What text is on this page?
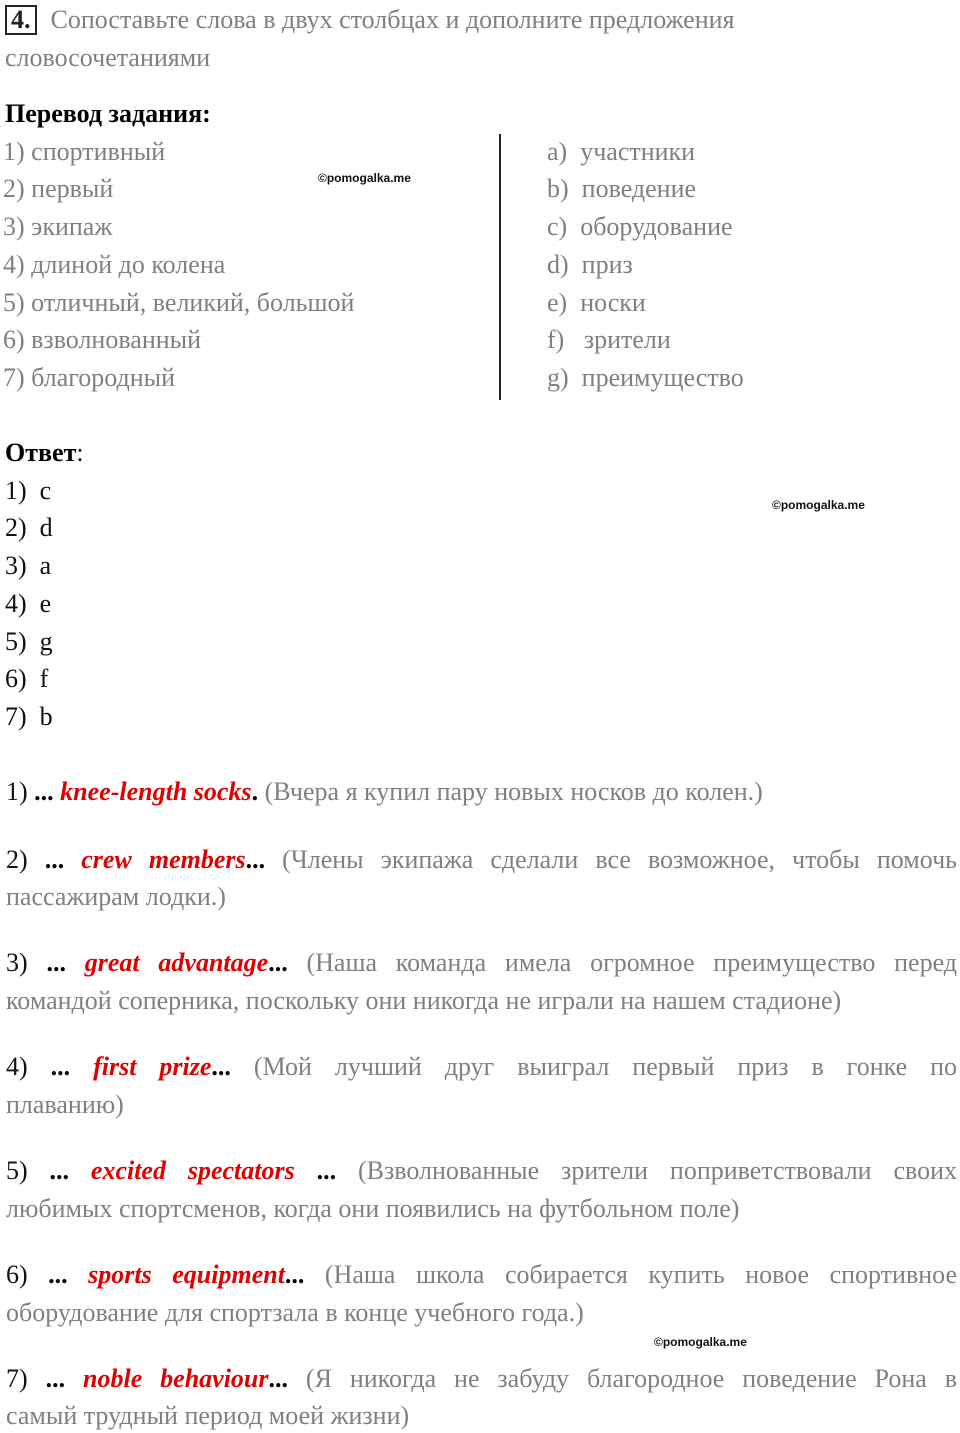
4. Сопоставьте слова в двух столбцах и дополните предложения
словосочетаниями
Перевод задания:
1) спортивный
2) первый
3) экипаж
4) длиной до колена
5) отличный, великий, большой
6) взволнованный
7) благородный
©pomogalka.me
a)  участники
b)  поведение
c)  оборудование
d)  приз
e)  носки
f)   зрители
g)  преимущество
Ответ:
©pomogalka.me
1) c
2) d
3) a
4) e
5) g
6) f
7) b
1) ... knee-length socks. (Вчера я купил пару новых носков до колен.)
2) ... crew members... (Члены экипажа сделали все возможное, чтобы помочь
пассажирам лодки.)
3) ... great advantage... (Наша команда имела огромное преимущество перед
командой соперника, поскольку они никогда не играли на нашем стадионе)
4) ... first prize... (Мой лучший друг выиграл первый приз в гонке по
плаванию)
5) ... excited spectators ... (Взволнованные зрители поприветствовали своих
любимых спортсменов, когда они появились на футбольном поле)
6) ... sports equipment... (Наша школа собирается купить новое спортивное
оборудование для спортзала в конце учебного года.)
©pomogalka.me
7) ... noble behaviour... (Я никогда не забуду благородное поведение Рона в
самый трудный период моей жизни)
